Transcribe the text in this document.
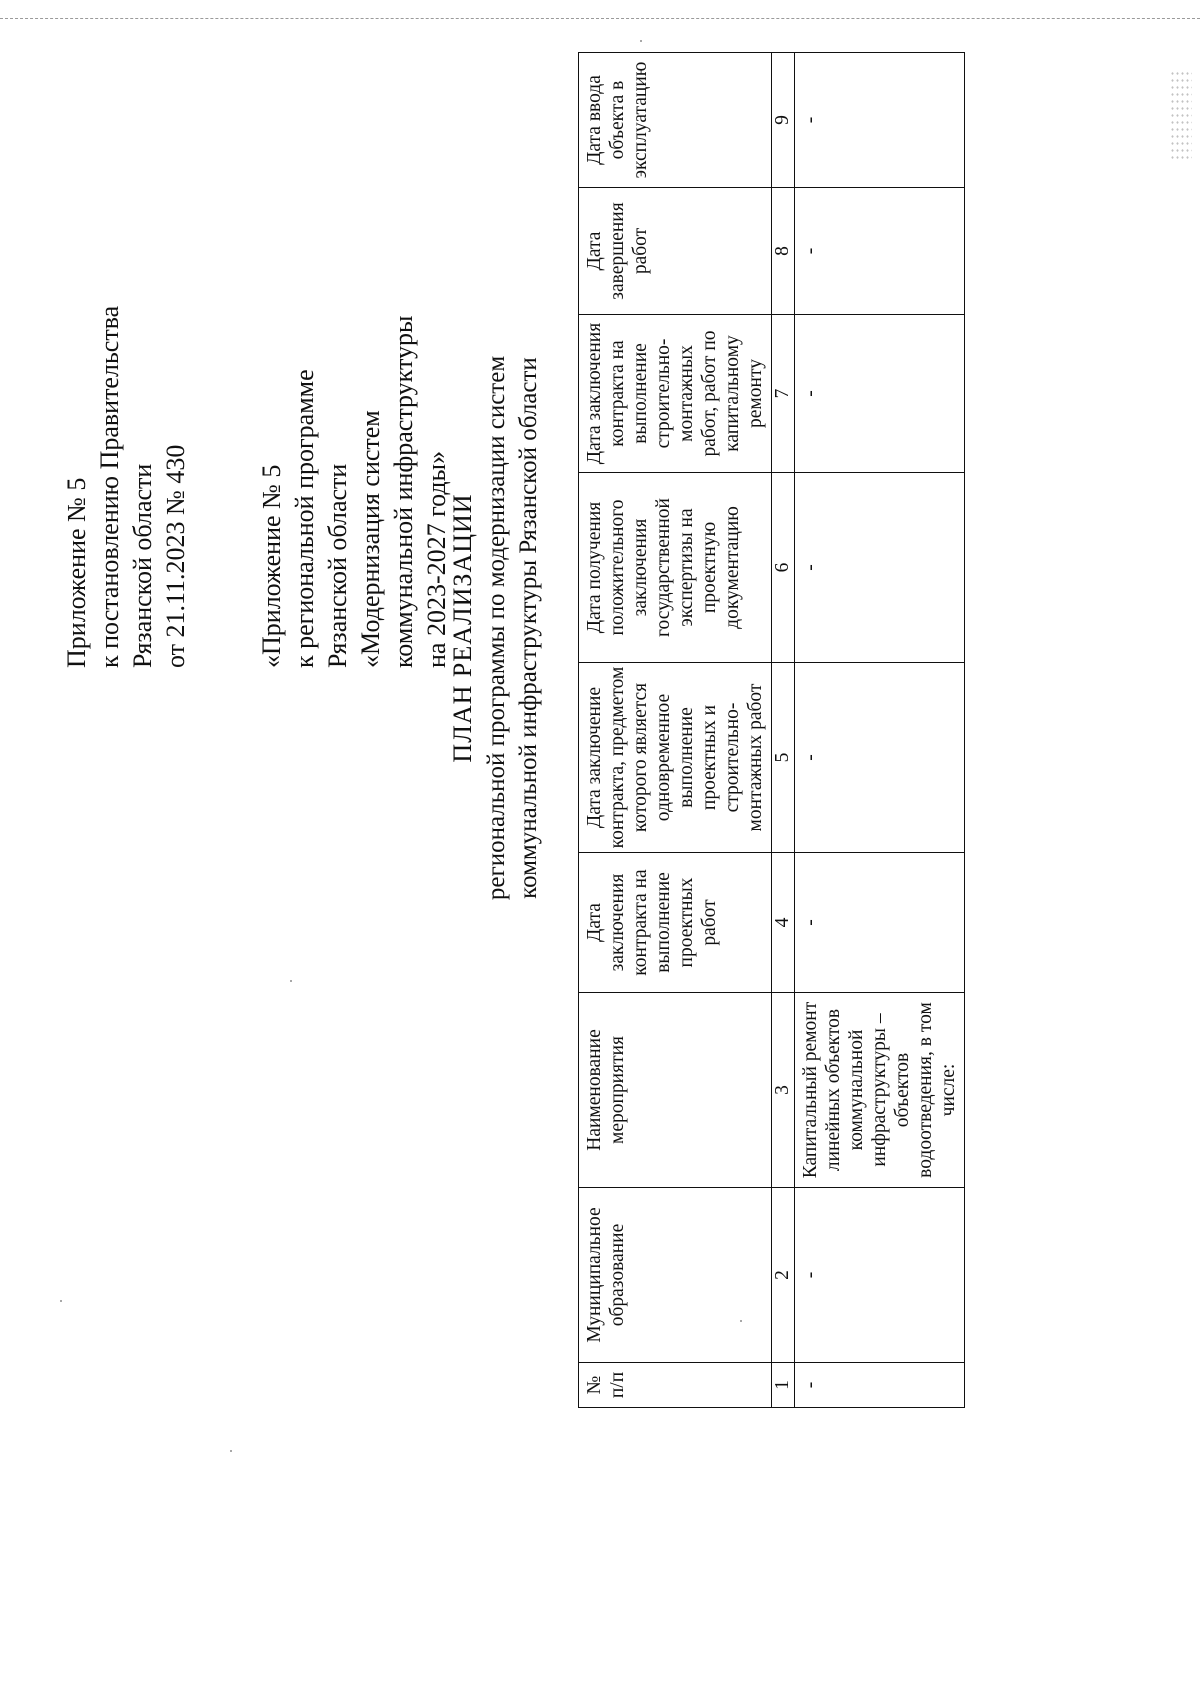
Приложение № 5 к постановлению Правительства Рязанской области от 21.11.2023 № 430	«Приложение № 5 к региональной программе Рязанской области «Модернизация систем коммунальной инфраструктуры на 2023-2027 годы»
ПЛАН РЕАЛИЗАЦИИ региональной программы по модернизации систем коммунальной инфраструктуры Рязанской области
№ п/п	Муниципальное образование	Наименование мероприятия	Дата заключения контракта на выполнение проектных работ	Дата заключение контракта, предметом которого является одновременное выполнение проектных и строительно-монтажных работ	Дата получения положительного заключения государственной экспертизы на проектную документацию	Дата заключения контракта на выполнение строительно-монтажных работ, работ по капитальному ремонту	Дата завершения работ	Дата ввода объекта в эксплуатацию
1	2	3	4	5	6	7	8	9
-	-	Капитальный ремонт линейных объектов коммунальной инфраструктуры – объектов водоотведения, в том числе:	-	-	-	-	-	-
